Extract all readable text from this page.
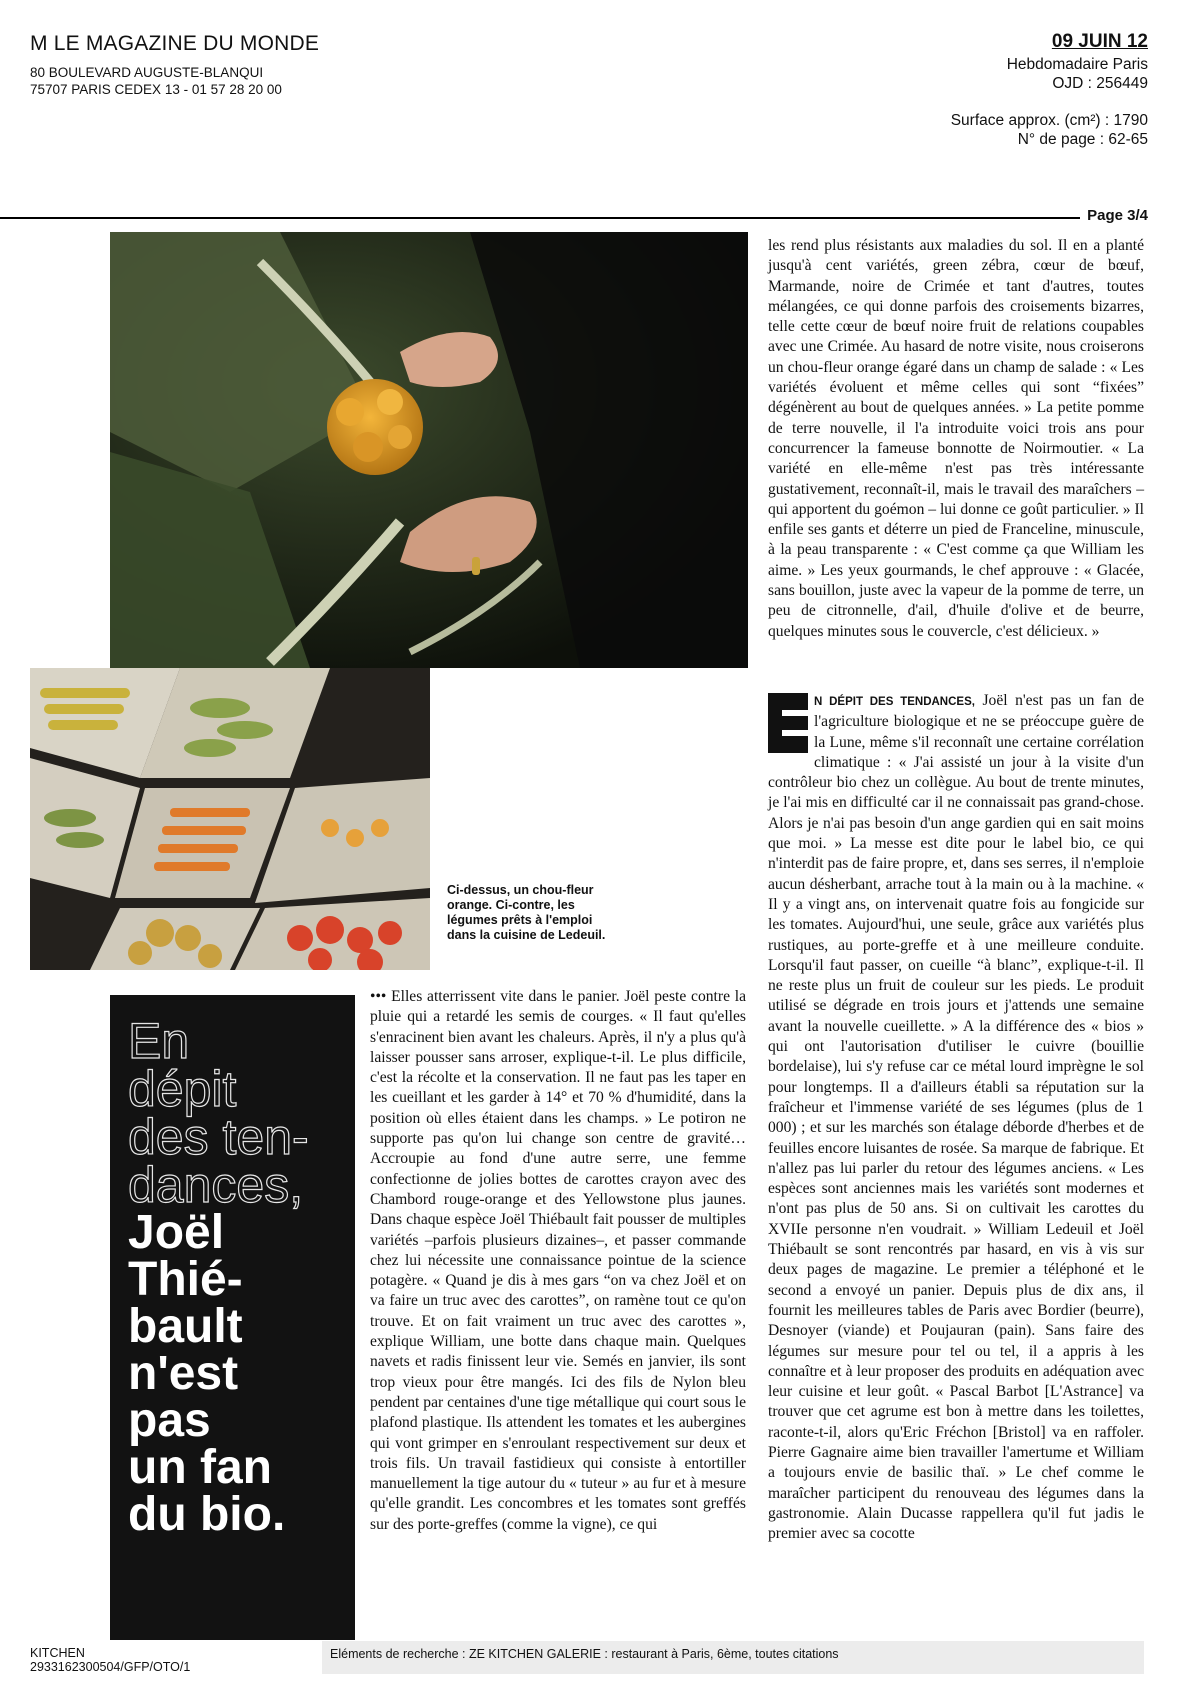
M LE MAGAZINE DU MONDE
80 BOULEVARD AUGUSTE-BLANQUI
75707 PARIS CEDEX 13 - 01 57 28 20 00
09 JUIN 12
Hebdomadaire Paris
OJD : 256449
Surface approx. (cm²) : 1790
N° de page : 62-65
Page 3/4
Ci-dessus, un chou-fleur orange. Ci-contre, les légumes prêts à l'emploi dans la cuisine de Ledeuil.

les rend plus résistants aux maladies du sol. Il en a planté jusqu'à cent variétés, green zébra, cœur de bœuf, Marmande, noire de Crimée et tant d'autres, toutes mélangées, ce qui donne parfois des croisements bizarres, telle cette cœur de bœuf noire fruit de relations coupables avec une Crimée. Au hasard de notre visite, nous croiserons un chou-fleur orange égaré dans un champ de salade : « Les variétés évoluent et même celles qui sont “fixées” dégénèrent au bout de quelques années. » La petite pomme de terre nouvelle, il l'a introduite voici trois ans pour concurrencer la fameuse bonnotte de Noirmoutier. « La variété en elle-même n'est pas très intéressante gustativement, reconnaît-il, mais le travail des maraîchers – qui apportent du goémon – lui donne ce goût particulier. » Il enfile ses gants et déterre un pied de Franceline, minuscule, à la peau transparente : « C'est comme ça que William les aime. » Les yeux gourmands, le chef approuve : « Glacée, sans bouillon, juste avec la vapeur de la pomme de terre, un peu de citronnelle, d'ail, d'huile d'olive et de beurre, quelques minutes sous le couvercle, c'est délicieux. »

N DÉPIT DES TENDANCES, Joël n'est pas un fan de l'agriculture biologique et ne se préoccupe guère de la Lune, même s'il reconnaît une certaine corrélation climatique : « J'ai assisté un jour à la visite d'un contrôleur bio chez un collègue. Au bout de trente minutes, je l'ai mis en difficulté car il ne connaissait pas grand-chose. Alors je n'ai pas besoin d'un ange gardien qui en sait moins que moi. » La messe est dite pour le label bio, ce qui n'interdit pas de faire propre, et, dans ses serres, il n'emploie aucun désherbant, arrache tout à la main ou à la machine. « Il y a vingt ans, on intervenait quatre fois au fongicide sur les tomates. Aujourd'hui, une seule, grâce aux variétés plus rustiques, au porte-greffe et à une meilleure conduite. Lorsqu'il faut passer, on cueille “à blanc”, explique-t-il. Il ne reste plus un fruit de couleur sur les pieds. Le produit utilisé se dégrade en trois jours et j'attends une semaine avant la nouvelle cueillette. » A la différence des « bios » qui ont l'autorisation d'utiliser le cuivre (bouillie bordelaise), lui s'y refuse car ce métal lourd imprègne le sol pour longtemps. Il a d'ailleurs établi sa réputation sur la fraîcheur et l'immense variété de ses légumes (plus de 1 000) ; et sur les marchés son étalage déborde d'herbes et de feuilles encore luisantes de rosée. Sa marque de fabrique. Et n'allez pas lui parler du retour des légumes anciens. « Les espèces sont anciennes mais les variétés sont modernes et n'ont pas plus de 50 ans. Si on cultivait les carottes du XVIIe personne n'en voudrait. » William Ledeuil et Joël Thiébault se sont rencontrés par hasard, en vis à vis sur deux pages de magazine. Le premier a téléphoné et le second a envoyé un panier. Depuis plus de dix ans, il fournit les meilleures tables de Paris avec Bordier (beurre), Desnoyer (viande) et Poujauran (pain). Sans faire des légumes sur mesure pour tel ou tel, il a appris à les connaître et à leur proposer des produits en adéquation avec leur cuisine et leur goût. « Pascal Barbot [L'Astrance] va trouver que cet agrume est bon à mettre dans les toilettes, raconte-t-il, alors qu'Eric Fréchon [Bristol] va en raffoler. Pierre Gagnaire aime bien travailler l'amertume et William a toujours envie de basilic thaï. » Le chef comme le maraîcher participent du renouveau des légumes dans la gastronomie. Alain Ducasse rappellera qu'il fut jadis le premier avec sa cocotte

En
dépit
des ten-
dances,
Joël
Thié-
bault
n'est
pas
un fan
du bio.

••• Elles atterrissent vite dans le panier. Joël peste contre la pluie qui a retardé les semis de courges. « Il faut qu'elles s'enracinent bien avant les chaleurs. Après, il n'y a plus qu'à laisser pousser sans arroser, explique-t-il. Le plus difficile, c'est la récolte et la conservation. Il ne faut pas les taper en les cueillant et les garder à 14° et 70 % d'humidité, dans la position où elles étaient dans les champs. » Le potiron ne supporte pas qu'on lui change son centre de gravité… Accroupie au fond d'une autre serre, une femme confectionne de jolies bottes de carottes crayon avec des Chambord rouge-orange et des Yellowstone plus jaunes. Dans chaque espèce Joël Thiébault fait pousser de multiples variétés –parfois plusieurs dizaines–, et passer commande chez lui nécessite une connaissance pointue de la science potagère. « Quand je dis à mes gars “on va chez Joël et on va faire un truc avec des carottes”, on ramène tout ce qu'on trouve. Et on fait vraiment un truc avec des carottes », explique William, une botte dans chaque main. Quelques navets et radis finissent leur vie. Semés en janvier, ils sont trop vieux pour être mangés. Ici des fils de Nylon bleu pendent par centaines d'une tige métallique qui court sous le plafond plastique. Ils attendent les tomates et les aubergines qui vont grimper en s'enroulant respectivement sur deux et trois fils. Un travail fastidieux qui consiste à entortiller manuellement la tige autour du « tuteur » au fur et à mesure qu'elle grandit. Les concombres et les tomates sont greffés sur des porte-greffes (comme la vigne), ce qui

KITCHEN
2933162300504/GFP/OTO/1
Eléments de recherche : ZE KITCHEN GALERIE : restaurant à Paris, 6ème, toutes citations
